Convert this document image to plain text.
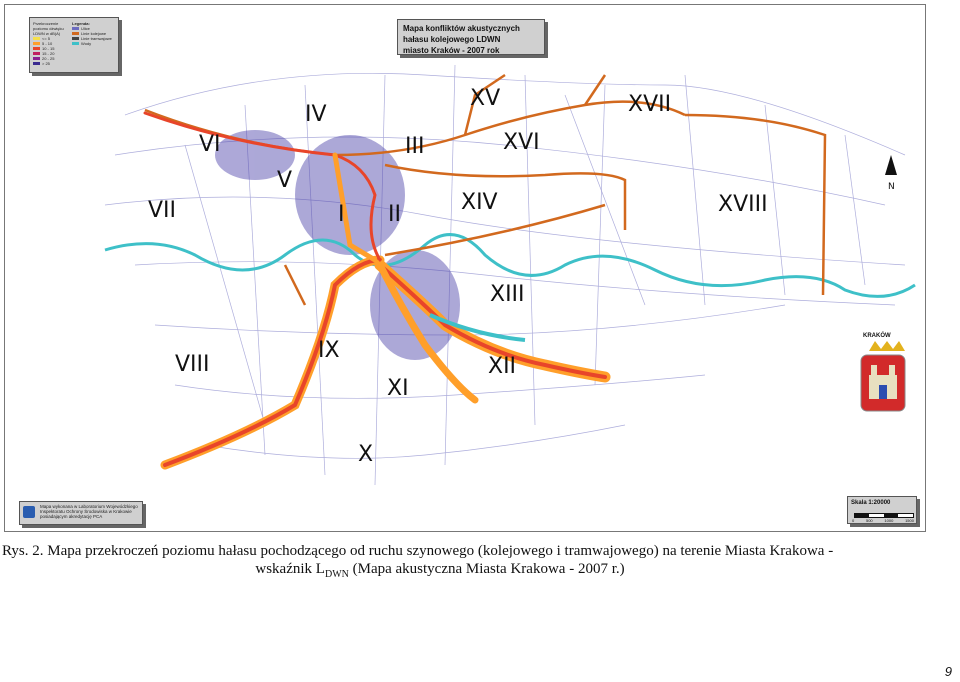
I II
III
IV
V
VI
VII
VIII
IX
X
XI
XII
XIII
XIV
XV
XVI
XVII
XVIII
N
Mapa konfliktów akustycznych
hałasu kolejowego LDWN
miasto Kraków - 2007 rok
Przekroczenie poziomu dźwięku LDWN w dB(A)
<= 5
5 - 10
10 - 15
15 - 20
20 - 25
> 25
Legenda:
Ulice
Linie kolejowe
Linie tramwajowe
Wody
Mapa wykonana w Laboratorium Wojewódzkiego Inspektoratu Ochrony Środowiska w Krakowie posiadającym akredytację PCA
Skala 1:20000
0	500	1000	1500
KRAKÓW
Rys. 2. Mapa przekroczeń poziomu hałasu pochodzącego od ruchu szynowego (kolejowego i tramwajowego) na terenie Miasta Krakowa -
wskaźnik $L_{DWN}$ (Mapa akustyczna Miasta Krakowa - 2007 r.)
9
